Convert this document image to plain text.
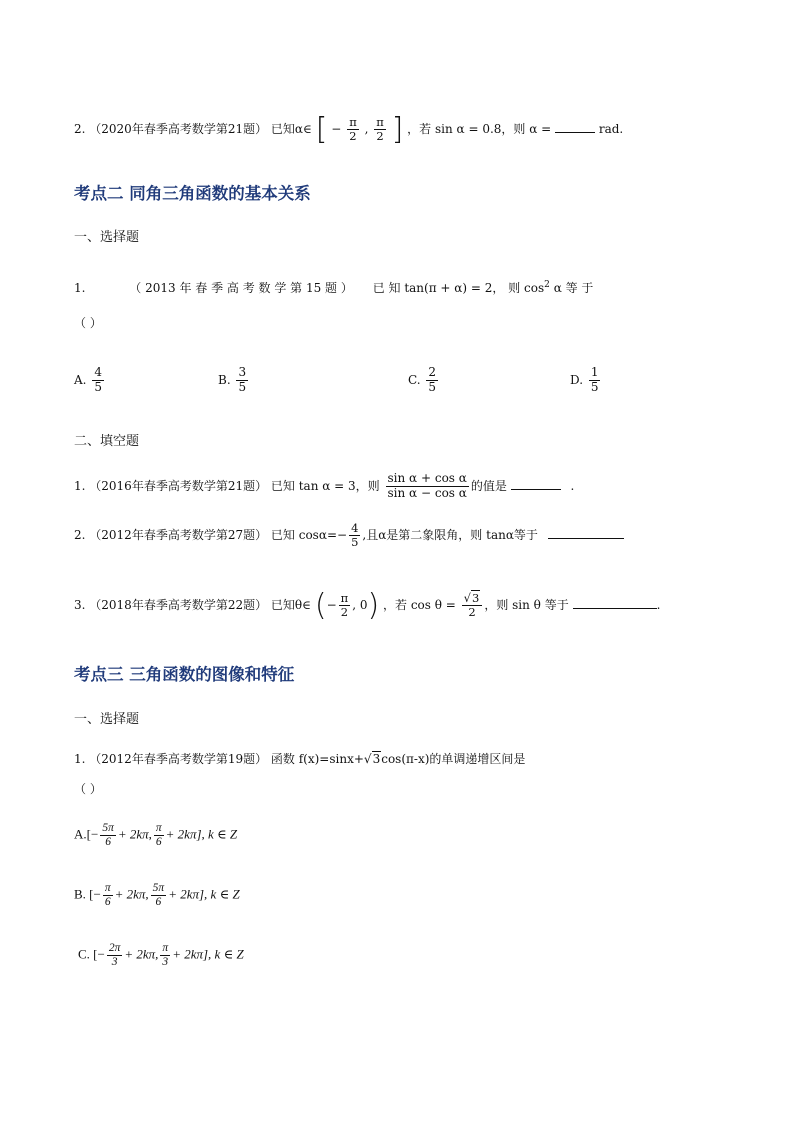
2. （2020年春季高考数学第21题） 已知α∈ [ − $\frac{\pi}{2}$ , $\frac{\pi}{2}$ ] ，若 sin α = 0.8，则 α =	rad.
考点二 同角三角函数的基本关系
一、选择题
1.	（ 2013 年 春 季 高 考 数 学 第 15 题 ） 已 知 tan(π + α) = 2， 则 $\cos^2 \alpha$ 等 于
（ ）
A. $\frac{4}{5}$	B. $\frac{3}{5}$	C. $\frac{2}{5}$	D. $\frac{1}{5}$
二、填空题
1. （2016年春季高考数学第21题） 已知 tan α = 3，则 $\frac{\text{sin α + cos α}}{\text{sin α − cos α}}$ 的值是	.
2. （2012年春季高考数学第27题） 已知 $\cos\alpha=- \frac{4}{5}$ ,且α是第二象限角，则 tanα等于
3. （2018年春季高考数学第22题） 已知θ∈ (− $\frac{\pi}{2}$ , 0) ，若 $\cos \theta = \frac{√3}{2}$ ，则 sin θ 等于	.
考点三 三角函数的图像和特征
一、选择题
1. （2012年春季高考数学第19题） 函数 f(x)=sinx+√3cos(π-x)的单调递增区间是
（ ）
$A.[- \frac{5\pi}{6} + 2k\pi$, $\frac{\pi}{6} + 2k\pi$], k ∈ Z
B. [− $\frac{\pi}{6} + 2k\pi$, $\frac{5\pi}{6} + 2k\pi$], k ∈ Z
C. [− $\frac{2\pi}{3} + 2k\pi$, $\frac{\pi}{3} + 2k\pi$], k ∈ Z
